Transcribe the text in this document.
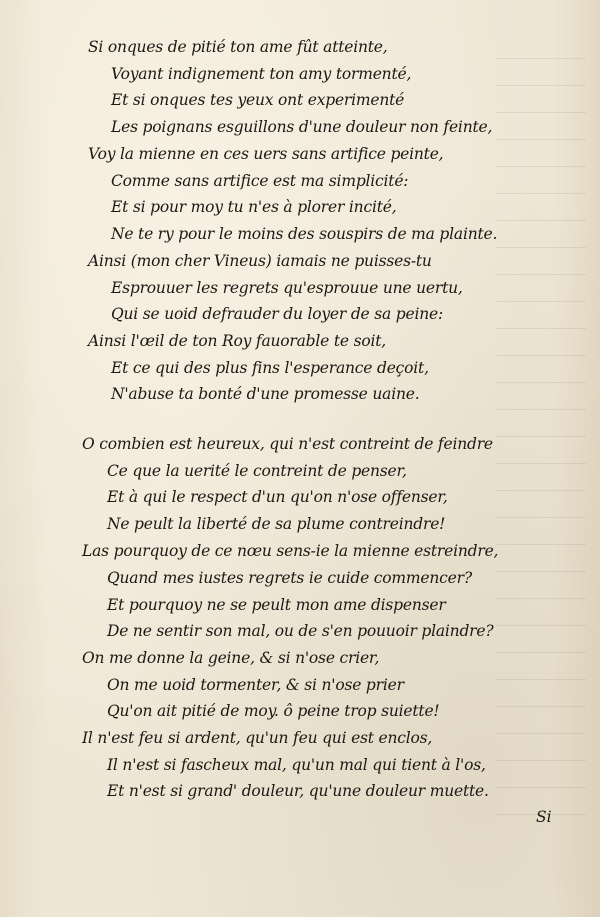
Si onques de pitié ton ame fût atteinte,
Voyant indignement ton amy tormenté,
Et si onques tes yeux ont experimenté
Les poignans esguillons d'une douleur non feinte,
Voy la mienne en ces uers sans artifice peinte,
Comme sans artifice est ma simplicité:
Et si pour moy tu n'es à plorer incité,
Ne te ry pour le moins des souspirs de ma plainte.
Ainsi (mon cher Vineus) iamais ne puisses-tu
Esprouuer les regrets qu'esprouue une uertu,
Qui se uoid defrauder du loyer de sa peine:
Ainsi l'œil de ton Roy fauorable te soit,
Et ce qui des plus fins l'esperance deçoit,
N'abuse ta bonté d'une promesse uaine.
O combien est heureux, qui n'est contreint de feindre
Ce que la uerité le contreint de penser,
Et à qui le respect d'un qu'on n'ose offenser,
Ne peult la liberté de sa plume contreindre!
Las pourquoy de ce nœu sens-ie la mienne estreindre,
Quand mes iustes regrets ie cuide commencer?
Et pourquoy ne se peult mon ame dispenser
De ne sentir son mal, ou de s'en pouuoir plaindre?
On me donne la geine, & si n'ose crier,
On me uoid tormenter, & si n'ose prier
Qu'on ait pitié de moy. ô peine trop suiette!
Il n'est feu si ardent, qu'un feu qui est enclos,
Il n'est si fascheux mal, qu'un mal qui tient à l'os,
Et n'est si grand' douleur, qu'une douleur muette.
Si
